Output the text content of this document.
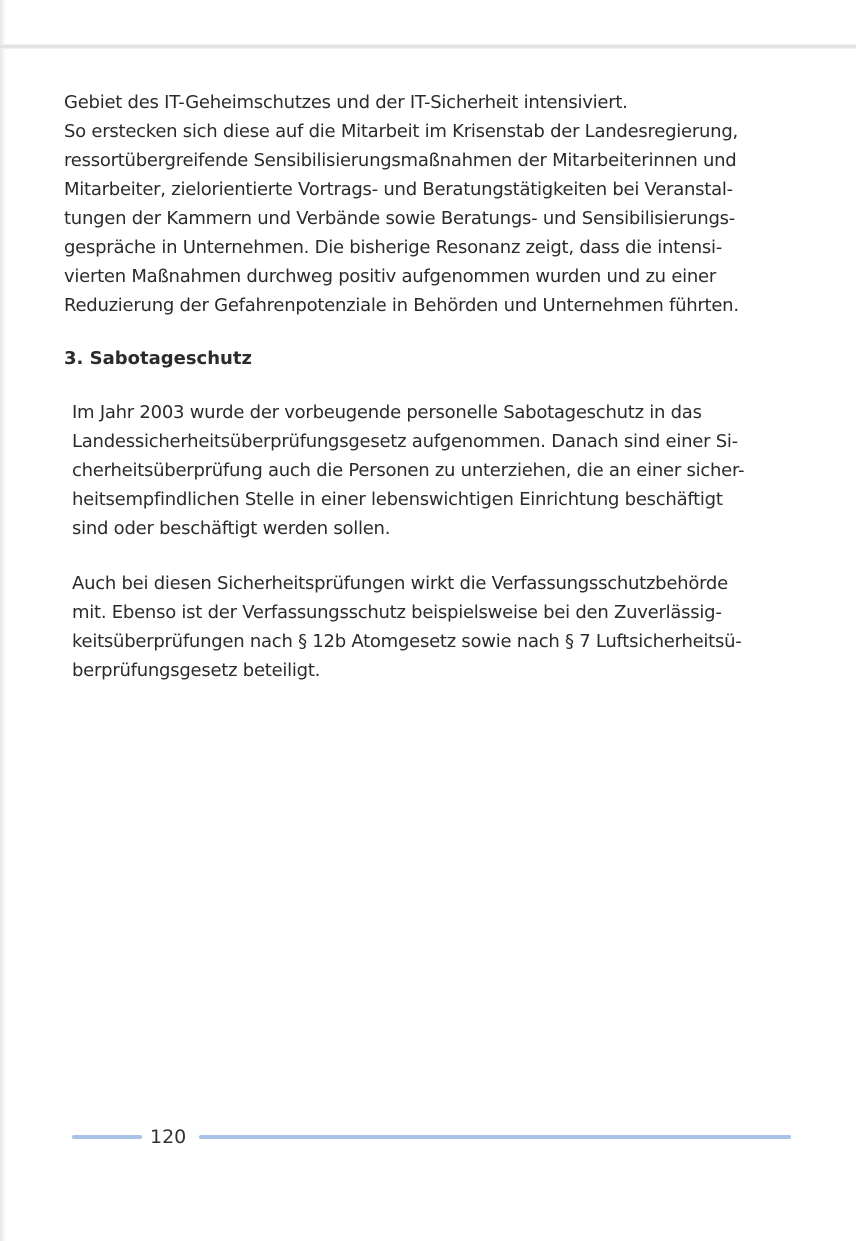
Gebiet des IT-Geheimschutzes und der IT-Sicherheit intensiviert.
So erstecken sich diese auf die Mitarbeit im Krisenstab der Landesregierung,
ressortübergreifende Sensibilisierungsmaßnahmen der Mitarbeiterinnen und
Mitarbeiter, zielorientierte Vortrags- und Beratungstätigkeiten bei Veranstal-
tungen der Kammern und Verbände sowie Beratungs- und Sensibilisierungs-
gespräche in Unternehmen. Die bisherige Resonanz zeigt, dass die intensi-
vierten Maßnahmen durchweg positiv aufgenommen wurden und zu einer
Reduzierung der Gefahrenpotenziale in Behörden und Unternehmen führten.
3. Sabotageschutz
Im Jahr 2003 wurde der vorbeugende personelle Sabotageschutz in das
Landessicherheitsüberprüfungsgesetz aufgenommen. Danach sind einer Si-
cherheitsüberprüfung auch die Personen zu unterziehen, die an einer sicher-
heitsempfindlichen Stelle in einer lebenswichtigen Einrichtung beschäftigt
sind oder beschäftigt werden sollen.
Auch bei diesen Sicherheitsprüfungen wirkt die Verfassungsschutzbehörde
mit. Ebenso ist der Verfassungsschutz beispielsweise bei den Zuverlässig-
keitsüberprüfungen nach § 12b Atomgesetz sowie nach § 7 Luftsicherheitsü-
berprüfungsgesetz beteiligt.
120
